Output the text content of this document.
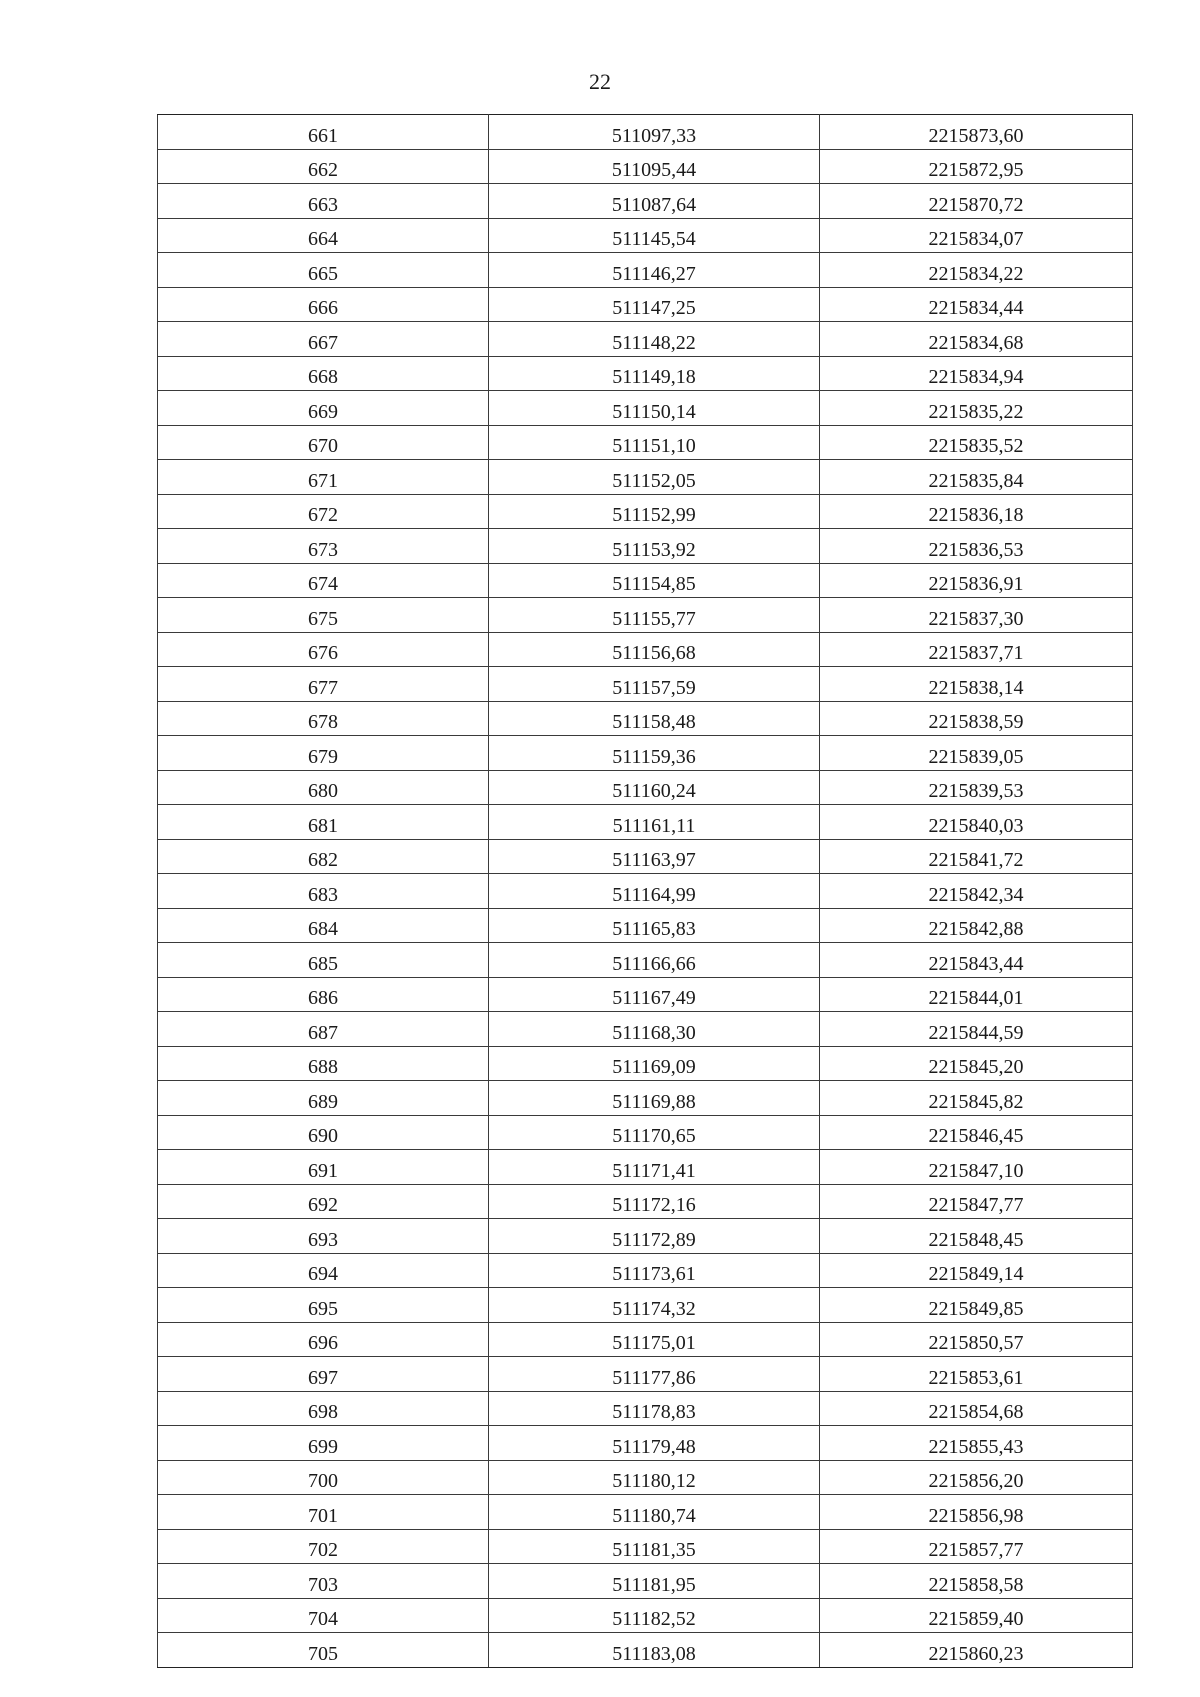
22
661	511097,33	2215873,60
662	511095,44	2215872,95
663	511087,64	2215870,72
664	511145,54	2215834,07
665	511146,27	2215834,22
666	511147,25	2215834,44
667	511148,22	2215834,68
668	511149,18	2215834,94
669	511150,14	2215835,22
670	511151,10	2215835,52
671	511152,05	2215835,84
672	511152,99	2215836,18
673	511153,92	2215836,53
674	511154,85	2215836,91
675	511155,77	2215837,30
676	511156,68	2215837,71
677	511157,59	2215838,14
678	511158,48	2215838,59
679	511159,36	2215839,05
680	511160,24	2215839,53
681	511161,11	2215840,03
682	511163,97	2215841,72
683	511164,99	2215842,34
684	511165,83	2215842,88
685	511166,66	2215843,44
686	511167,49	2215844,01
687	511168,30	2215844,59
688	511169,09	2215845,20
689	511169,88	2215845,82
690	511170,65	2215846,45
691	511171,41	2215847,10
692	511172,16	2215847,77
693	511172,89	2215848,45
694	511173,61	2215849,14
695	511174,32	2215849,85
696	511175,01	2215850,57
697	511177,86	2215853,61
698	511178,83	2215854,68
699	511179,48	2215855,43
700	511180,12	2215856,20
701	511180,74	2215856,98
702	511181,35	2215857,77
703	511181,95	2215858,58
704	511182,52	2215859,40
705	511183,08	2215860,23
